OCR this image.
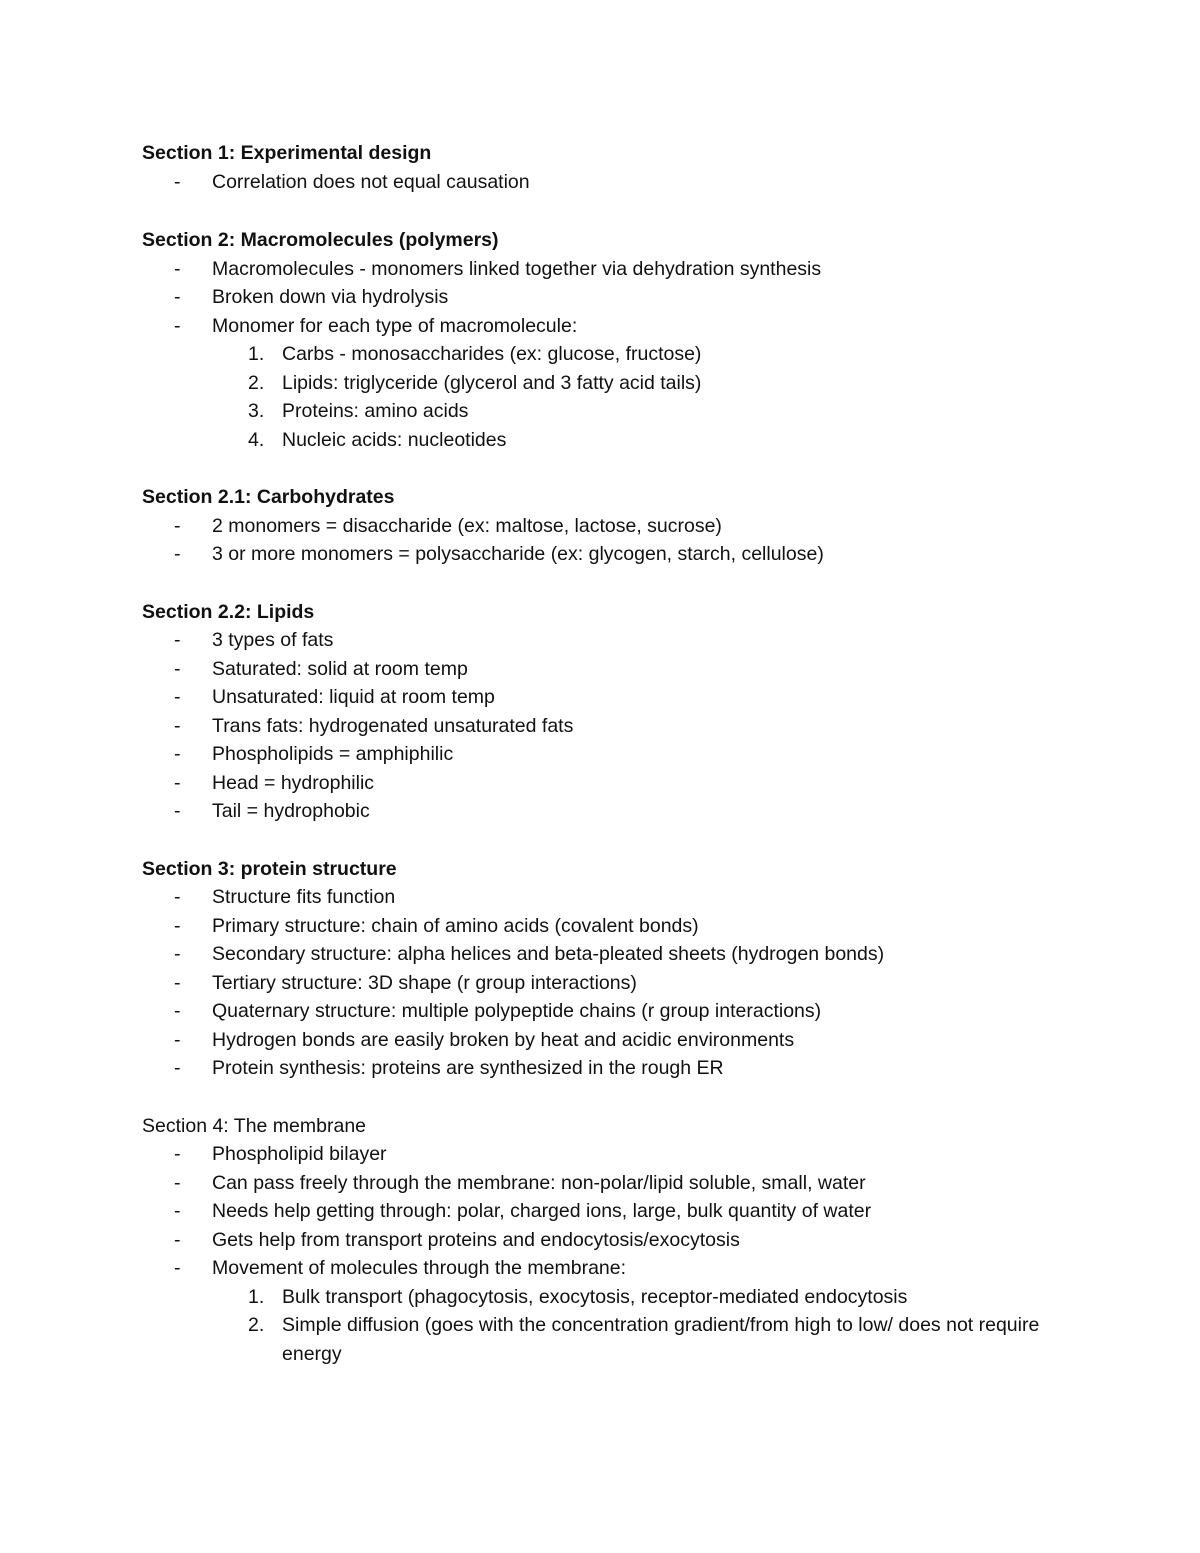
Section 1: Experimental design
- Correlation does not equal causation
Section 2: Macromolecules (polymers)
- Macromolecules - monomers linked together via dehydration synthesis
- Broken down via hydrolysis
- Monomer for each type of macromolecule:
1. Carbs - monosaccharides (ex: glucose, fructose)
2. Lipids: triglyceride (glycerol and 3 fatty acid tails)
3. Proteins: amino acids
4. Nucleic acids: nucleotides
Section 2.1: Carbohydrates
- 2 monomers = disaccharide (ex: maltose, lactose, sucrose)
- 3 or more monomers = polysaccharide (ex: glycogen, starch, cellulose)
Section 2.2: Lipids
- 3 types of fats
- Saturated: solid at room temp
- Unsaturated: liquid at room temp
- Trans fats: hydrogenated unsaturated fats
- Phospholipids = amphiphilic
- Head = hydrophilic
- Tail = hydrophobic
Section 3: protein structure
- Structure fits function
- Primary structure: chain of amino acids (covalent bonds)
- Secondary structure: alpha helices and beta-pleated sheets (hydrogen bonds)
- Tertiary structure: 3D shape (r group interactions)
- Quaternary structure: multiple polypeptide chains (r group interactions)
- Hydrogen bonds are easily broken by heat and acidic environments
- Protein synthesis: proteins are synthesized in the rough ER
Section 4: The membrane
- Phospholipid bilayer
- Can pass freely through the membrane: non-polar/lipid soluble, small, water
- Needs help getting through: polar, charged ions, large, bulk quantity of water
- Gets help from transport proteins and endocytosis/exocytosis
- Movement of molecules through the membrane:
1. Bulk transport (phagocytosis, exocytosis, receptor-mediated endocytosis
2. Simple diffusion (goes with the concentration gradient/from high to low/ does not require energy
